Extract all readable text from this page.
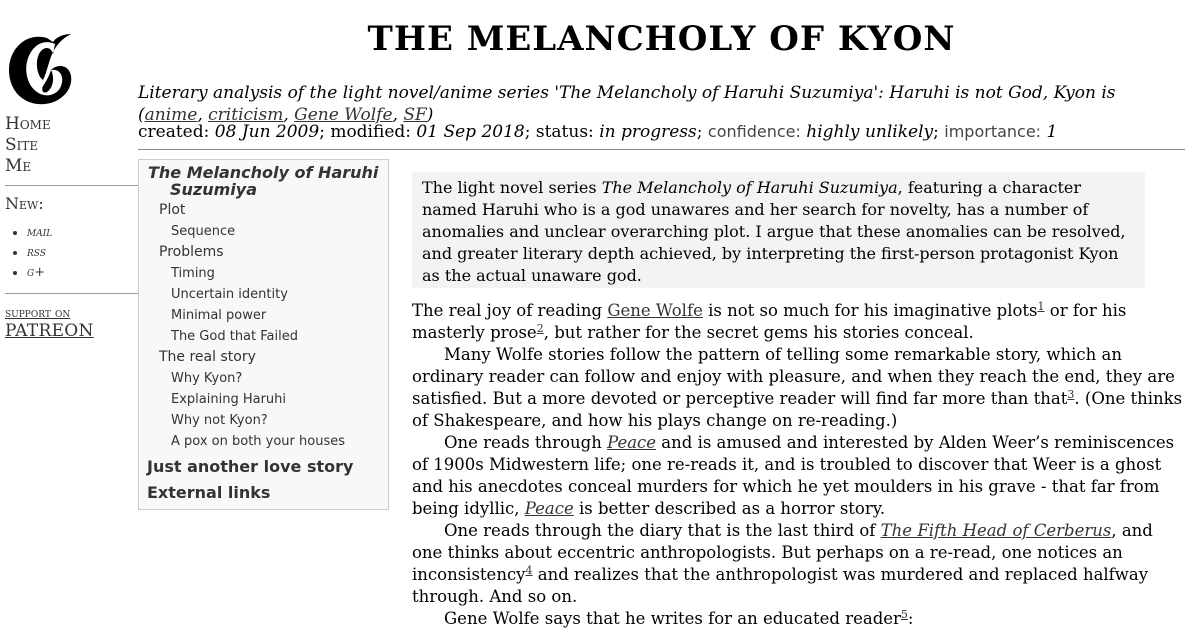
Home
Site
Me
New:
• mail
• rss
• g+
support on
PATREON
THE MELANCHOLY OF KYON
Literary analysis of the light novel/anime series 'The Melancholy of Haruhi Suzumiya': Haruhi is not God, Kyon is (anime, criticism, Gene Wolfe, SF)
created: 08 Jun 2009; modified: 01 Sep 2018; status: in progress; confidence: highly unlikely; importance: 1
The Melancholy of Haruhi
Suzumiya
Plot
Sequence
Problems
Timing
Uncertain identity
Minimal power
The God that Failed
The real story
Why Kyon?
Explaining Haruhi
Why not Kyon?
A pox on both your houses
Just another love story
External links
The light novel series The Melancholy of Haruhi Suzumiya, featuring a character named Haruhi who is a god unawares and her search for novelty, has a number of anomalies and unclear overarching plot. I argue that these anomalies can be resolved, and greater literary depth achieved, by interpreting the first-person protagonist Kyon as the actual unaware god.

The real joy of reading Gene Wolfe is not so much for his imaginative plots$^1$ or for his masterly prose$^2$, but rather for the secret gems his stories conceal.

Many Wolfe stories follow the pattern of telling some remarkable story, which an ordinary reader can follow and enjoy with pleasure, and when they reach the end, they are satisfied. But a more devoted or perceptive reader will find far more than that$^3$. (One thinks of Shakespeare, and how his plays change on re-reading.)

One reads through Peace and is amused and interested by Alden Weer’s reminiscences of 1900s Midwestern life; one re-reads it, and is troubled to discover that Weer is a ghost and his anecdotes conceal murders for which he yet moulders in his grave - that far from being idyllic, Peace is better described as a horror story.

One reads through the diary that is the last third of The Fifth Head of Cerberus, and one thinks about eccentric anthropologists. But perhaps on a re-read, one notices an inconsistency$^4$ and realizes that the anthropologist was murdered and replaced halfway through. And so on.

Gene Wolfe says that he writes for an educated reader$^5$:
